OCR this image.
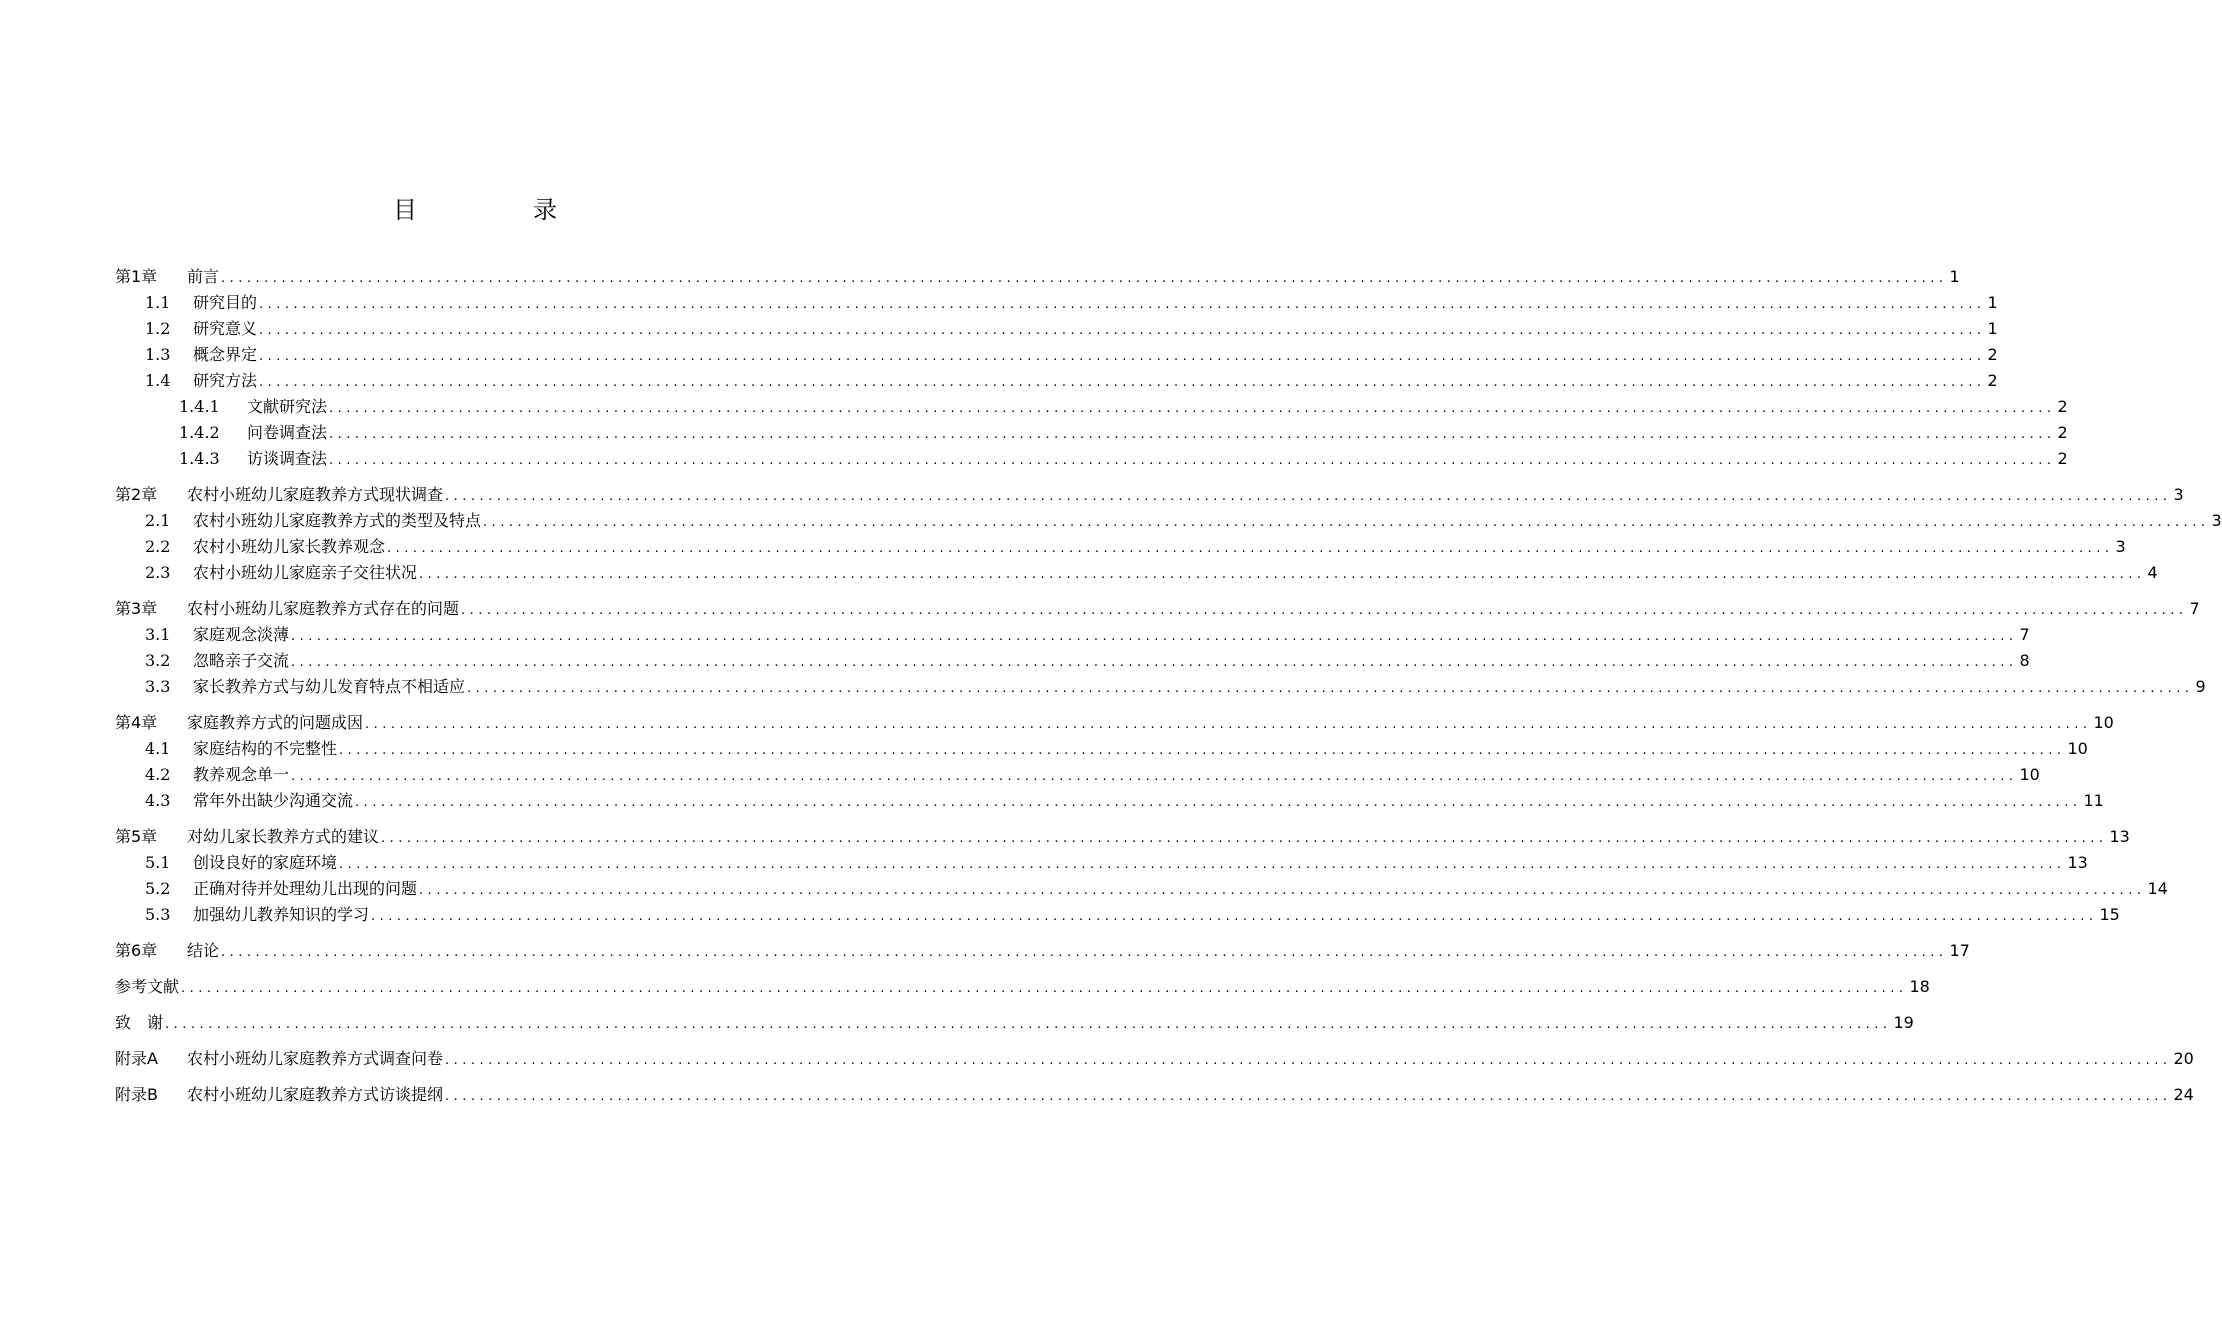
目　录
第1章	前言 ........................................................................................................................................................................................................ 1
1.1	研究目的 ........................................................................................................................................................................................................ 1
1.2	研究意义 ........................................................................................................................................................................................................ 1
1.3	概念界定 ........................................................................................................................................................................................................ 2
1.4	研究方法 ........................................................................................................................................................................................................ 2
1.4.1	文献研究法 ........................................................................................................................................................................................................ 2
1.4.2	问卷调查法 ........................................................................................................................................................................................................ 2
1.4.3	访谈调查法 ........................................................................................................................................................................................................ 2
第2章	农村小班幼儿家庭教养方式现状调查 ........................................................................................................................................................................................................ 3
2.1	农村小班幼儿家庭教养方式的类型及特点 ........................................................................................................................................................................................................ 3
2.2	农村小班幼儿家长教养观念 ........................................................................................................................................................................................................ 3
2.3	农村小班幼儿家庭亲子交往状况 ........................................................................................................................................................................................................ 4
第3章	农村小班幼儿家庭教养方式存在的问题 ........................................................................................................................................................................................................ 7
3.1	家庭观念淡薄 ........................................................................................................................................................................................................ 7
3.2	忽略亲子交流 ........................................................................................................................................................................................................ 8
3.3	家长教养方式与幼儿发育特点不相适应 ........................................................................................................................................................................................................ 9
第4章	家庭教养方式的问题成因 ........................................................................................................................................................................................................ 10
4.1	家庭结构的不完整性 ........................................................................................................................................................................................................ 10
4.2	教养观念单一 ........................................................................................................................................................................................................ 10
4.3	常年外出缺少沟通交流 ........................................................................................................................................................................................................ 11
第5章	对幼儿家长教养方式的建议 ........................................................................................................................................................................................................ 13
5.1	创设良好的家庭环境 ........................................................................................................................................................................................................ 13
5.2	正确对待并处理幼儿出现的问题 ........................................................................................................................................................................................................ 14
5.3	加强幼儿教养知识的学习 ........................................................................................................................................................................................................ 15
第6章	结论 ........................................................................................................................................................................................................ 17
参考文献 ........................................................................................................................................................................................................ 18
致　谢 ........................................................................................................................................................................................................ 19
附录A	农村小班幼儿家庭教养方式调查问卷 ........................................................................................................................................................................................................ 20
附录B	农村小班幼儿家庭教养方式访谈提纲 ........................................................................................................................................................................................................ 24
